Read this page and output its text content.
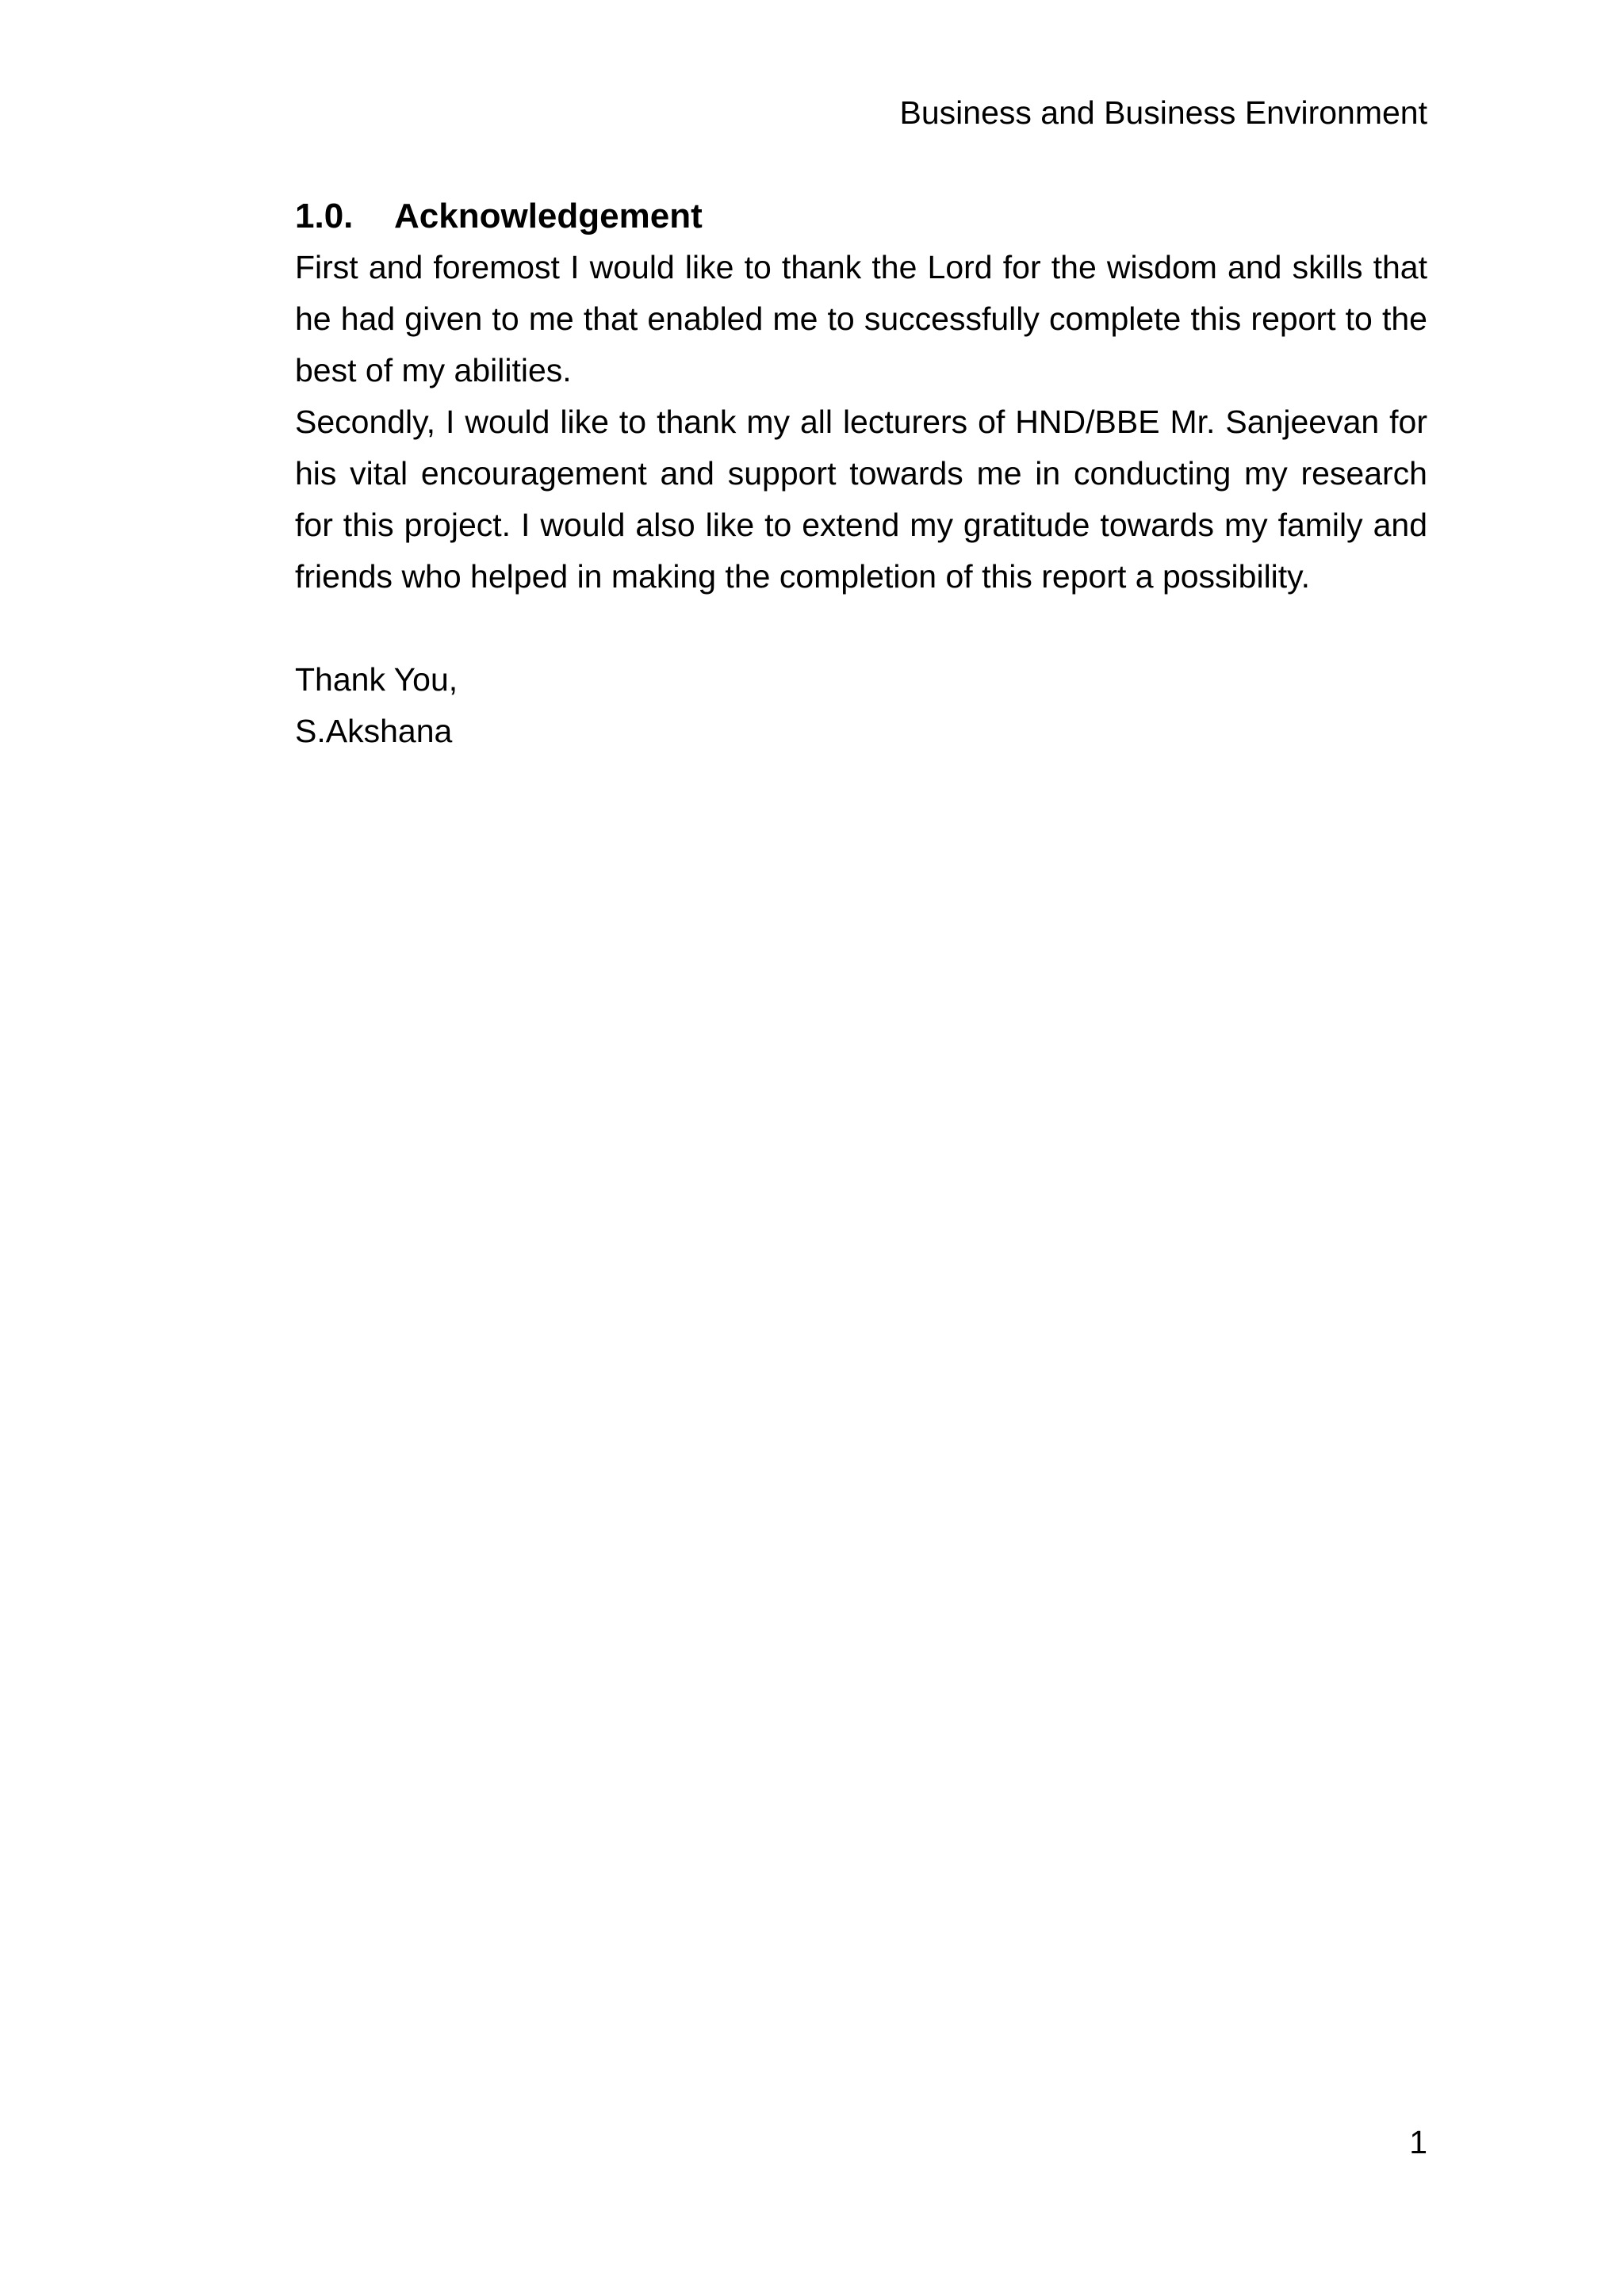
Business and Business Environment
1.0. Acknowledgement

First and foremost I would like to thank the Lord for the wisdom and skills that he had given to me that enabled me to successfully complete this report to the best of my abilities.

Secondly, I would like to thank my all lecturers of HND/BBE Mr. Sanjeevan for his vital encouragement and support towards me in conducting my research for this project. I would also like to extend my gratitude towards my family and friends who helped in making the completion of this report a possibility.

Thank You,
S.Akshana
1
